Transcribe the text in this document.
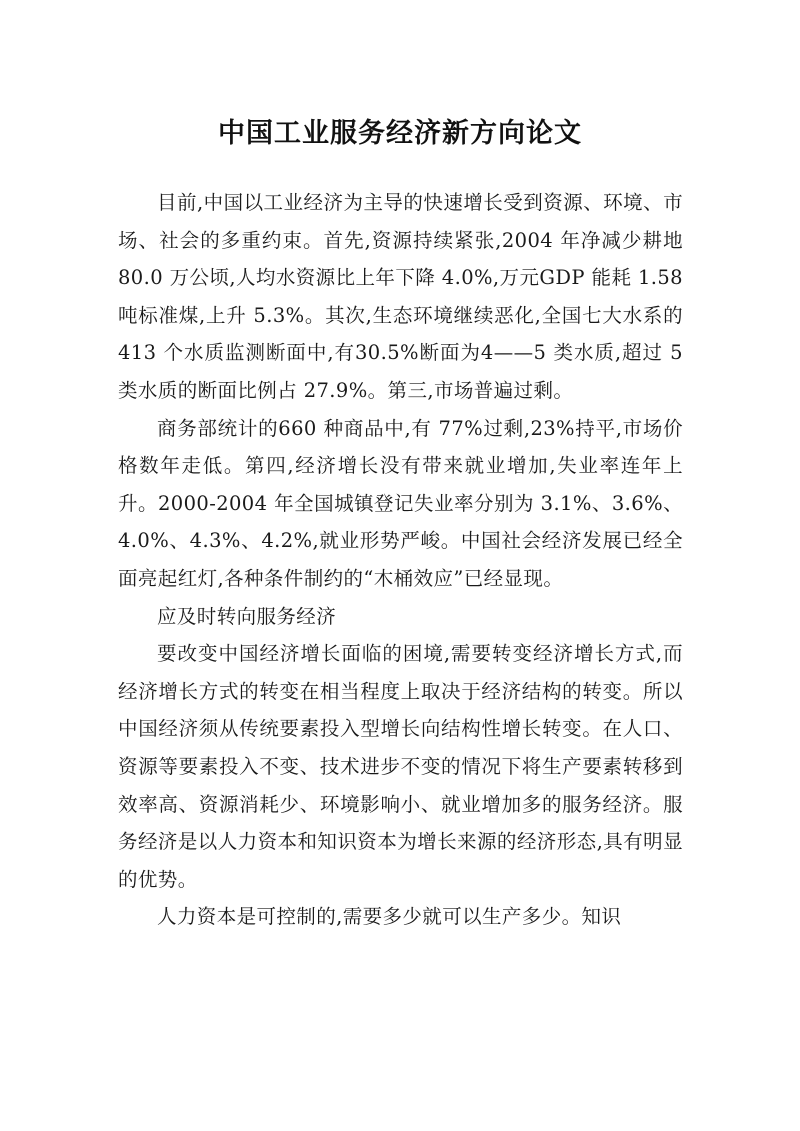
中国工业服务经济新方向论文

目前,中国以工业经济为主导的快速增长受到资源、环境、市场、社会的多重约束。首先,资源持续紧张,2004 年净减少耕地 80.0 万公顷,人均水资源比上年下降 4.0%,万元GDP 能耗 1.58 吨标准煤,上升 5.3%。其次,生态环境继续恶化,全国七大水系的413 个水质监测断面中,有30.5%断面为4——5 类水质,超过 5 类水质的断面比例占 27.9%。第三,市场普遍过剩。

商务部统计的660 种商品中,有 77%过剩,23%持平,市场价格数年走低。第四,经济增长没有带来就业增加,失业率连年上升。2000-2004 年全国城镇登记失业率分别为 3.1%、3.6%、4.0%、4.3%、4.2%,就业形势严峻。中国社会经济发展已经全面亮起红灯,各种条件制约的“木桶效应”已经显现。

应及时转向服务经济

要改变中国经济增长面临的困境,需要转变经济增长方式,而经济增长方式的转变在相当程度上取决于经济结构的转变。所以中国经济须从传统要素投入型增长向结构性增长转变。在人口、资源等要素投入不变、技术进步不变的情况下将生产要素转移到效率高、资源消耗少、环境影响小、就业增加多的服务经济。服务经济是以人力资本和知识资本为增长来源的经济形态,具有明显的优势。

人力资本是可控制的,需要多少就可以生产多少。知识
